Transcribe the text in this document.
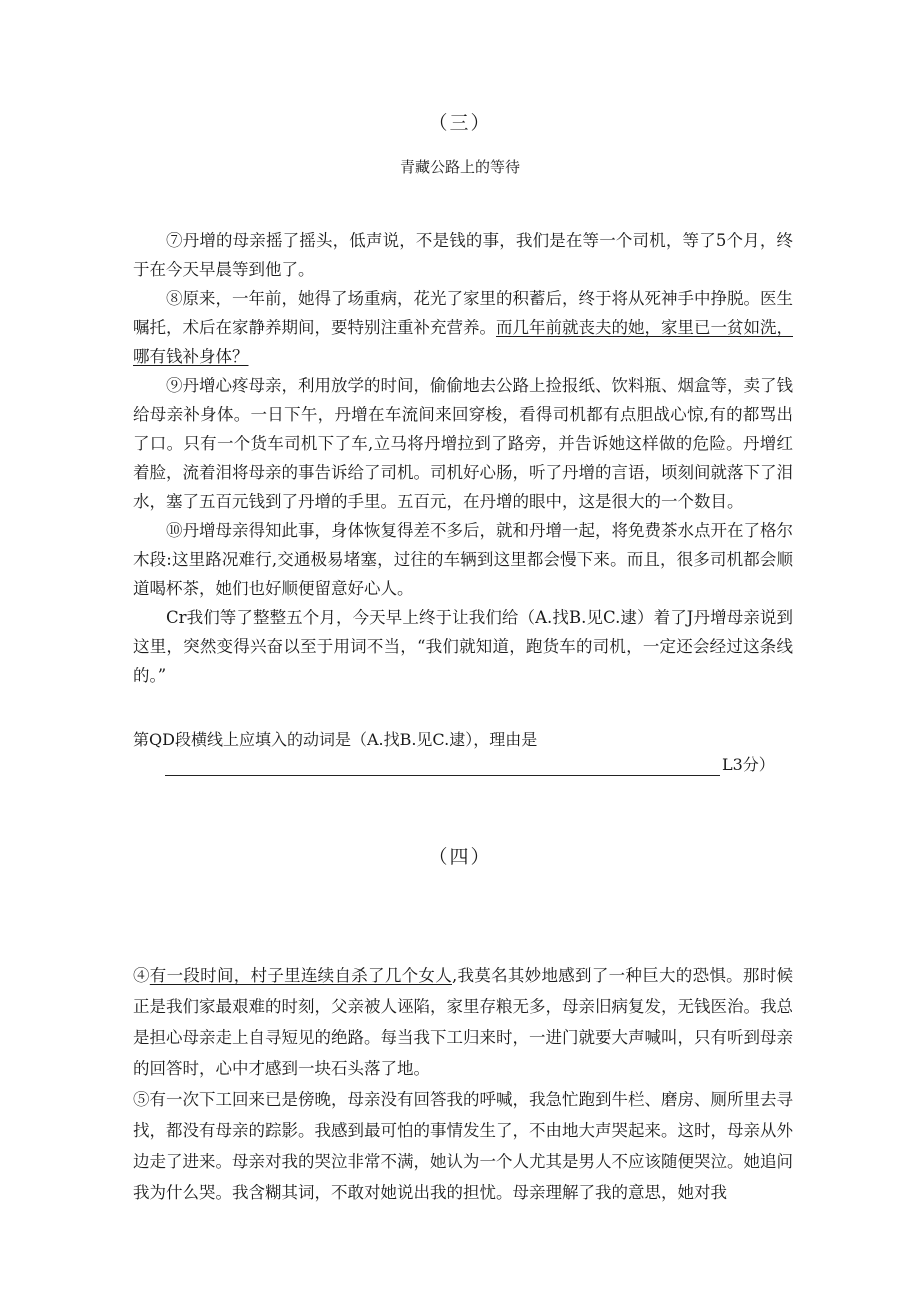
（三）
青藏公路上的等待

⑦丹增的母亲摇了摇头，低声说，不是钱的事，我们是在等一个司机，等了5个月，终于在今天早晨等到他了。

⑧原来，一年前，她得了场重病，花光了家里的积蓄后，终于将从死神手中挣脱。医生嘱托，术后在家静养期间，要特别注重补充营养。而几年前就丧夫的她，家里已一贫如洗，哪有钱补身体？

⑨丹增心疼母亲，利用放学的时间，偷偷地去公路上捡报纸、饮料瓶、烟盒等，卖了钱给母亲补身体。一日下午，丹增在车流间来回穿梭，看得司机都有点胆战心惊,有的都骂出了口。只有一个货车司机下了车,立马将丹增拉到了路旁，并告诉她这样做的危险。丹增红着脸，流着泪将母亲的事告诉给了司机。司机好心肠，听了丹增的言语，顷刻间就落下了泪水，塞了五百元钱到了丹增的手里。五百元，在丹增的眼中，这是很大的一个数目。

⑩丹增母亲得知此事，身体恢复得差不多后，就和丹增一起，将免费茶水点开在了格尔木段:这里路况难行,交通极易堵塞，过往的车辆到这里都会慢下来。而且，很多司机都会顺道喝杯茶，她们也好顺便留意好心人。

Cr我们等了整整五个月，今天早上终于让我们给（A.找B.见C.逮）着了J丹增母亲说到这里，突然变得兴奋以至于用词不当，“我们就知道，跑货车的司机，一定还会经过这条线的。”

第QD段横线上应填入的动词是（A.找B.见C.逮），理由是
L3分）
（四）

④有一段时间，村子里连续自杀了几个女人,我莫名其妙地感到了一种巨大的恐惧。那时候正是我们家最艰难的时刻，父亲被人诬陷，家里存粮无多，母亲旧病复发，无钱医治。我总是担心母亲走上自寻短见的绝路。每当我下工归来时，一进门就要大声喊叫，只有听到母亲的回答时，心中才感到一块石头落了地。

⑤有一次下工回来已是傍晚，母亲没有回答我的呼喊，我急忙跑到牛栏、磨房、厕所里去寻找，都没有母亲的踪影。我感到最可怕的事情发生了，不由地大声哭起来。这时，母亲从外边走了进来。母亲对我的哭泣非常不满，她认为一个人尤其是男人不应该随便哭泣。她追问我为什么哭。我含糊其词，不敢对她说出我的担忧。母亲理解了我的意思，她对我
